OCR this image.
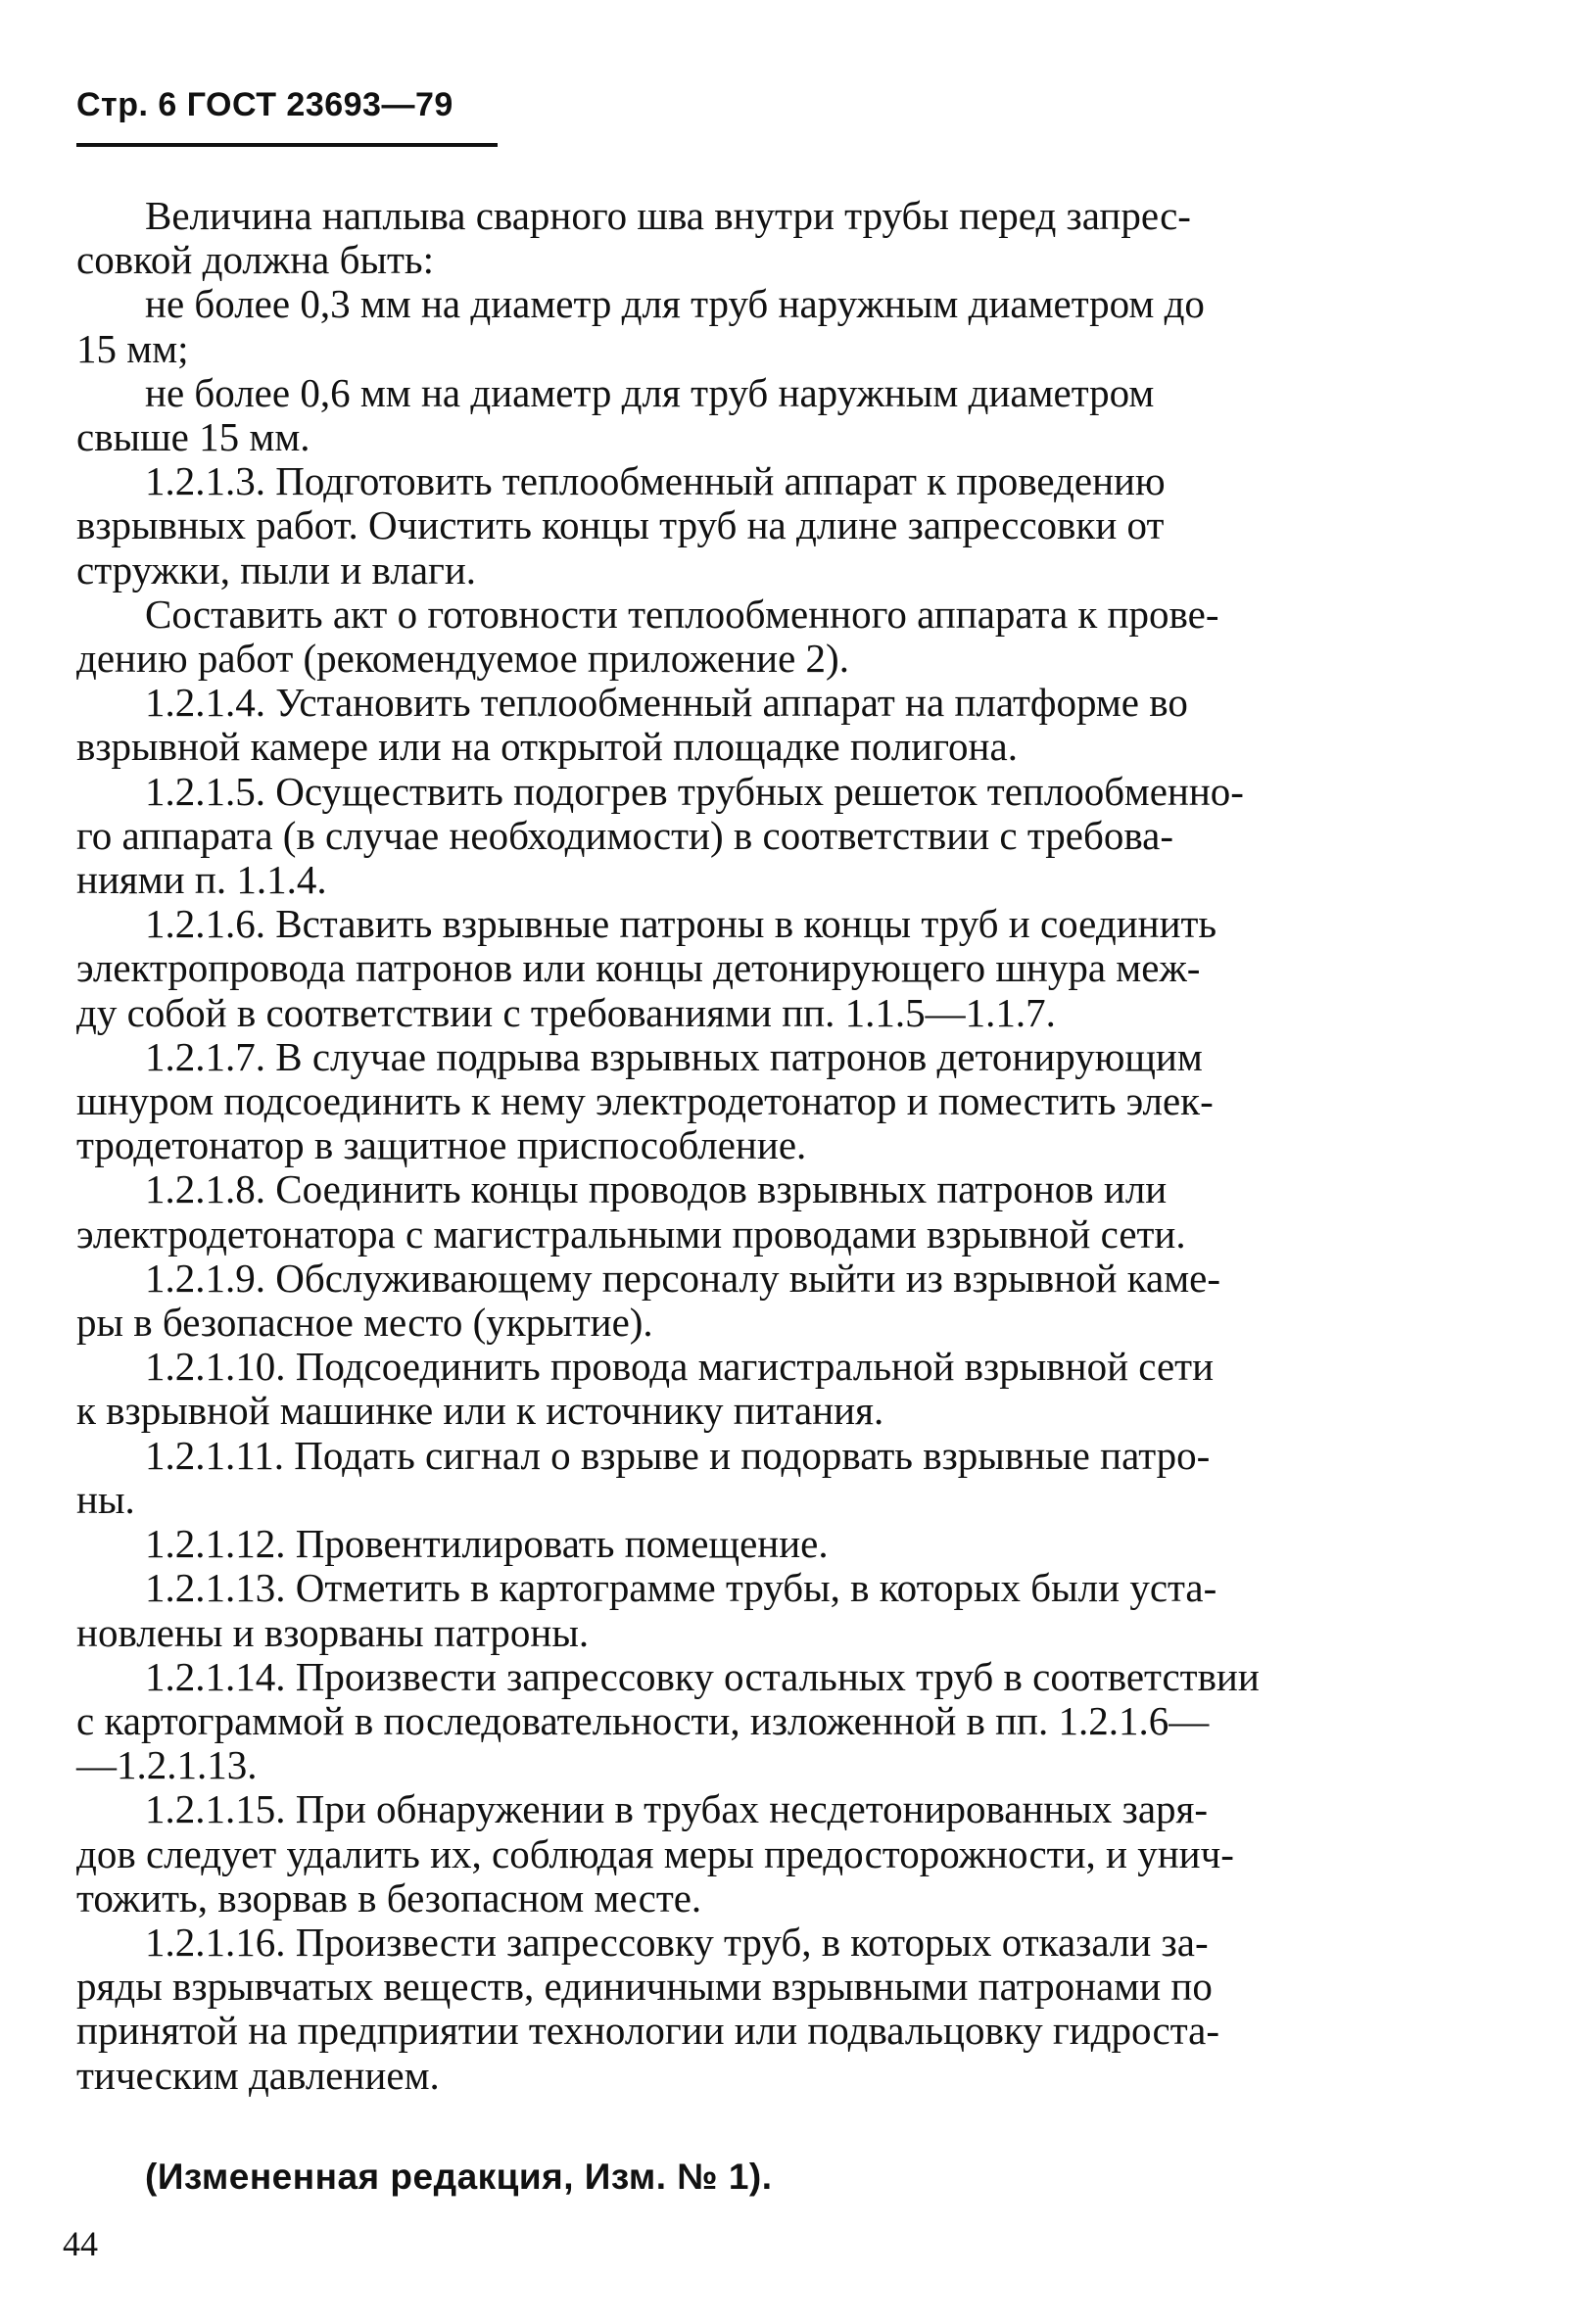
Стр. 6 ГОСТ 23693—79

Величина наплыва сварного шва внутри трубы перед запрес-
совкой должна быть:

не более 0,3 мм на диаметр для труб наружным диаметром до
15 мм;

не более 0,6 мм на диаметр для труб наружным диаметром
свыше 15 мм.

1.2.1.3. Подготовить теплообменный аппарат к проведению
взрывных работ. Очистить концы труб на длине запрессовки от
стружки, пыли и влаги.

Составить акт о готовности теплообменного аппарата к прове-
дению работ (рекомендуемое приложение 2).

1.2.1.4. Установить теплообменный аппарат на платформе во
взрывной камере или на открытой площадке полигона.

1.2.1.5. Осуществить подогрев трубных решеток теплообменно-
го аппарата (в случае необходимости) в соответствии с требова-
ниями п. 1.1.4.

1.2.1.6. Вставить взрывные патроны в концы труб и соединить
электропровода патронов или концы детонирующего шнура меж-
ду собой в соответствии с требованиями пп. 1.1.5—1.1.7.

1.2.1.7. В случае подрыва взрывных патронов детонирующим
шнуром подсоединить к нему электродетонатор и поместить элек-
тродетонатор в защитное приспособление.

1.2.1.8. Соединить концы проводов взрывных патронов или
электродетонатора с магистральными проводами взрывной сети.

1.2.1.9. Обслуживающему персоналу выйти из взрывной каме-
ры в безопасное место (укрытие).

1.2.1.10. Подсоединить провода магистральной взрывной сети
к взрывной машинке или к источнику питания.

1.2.1.11. Подать сигнал о взрыве и подорвать взрывные патро-
ны.

1.2.1.12. Провентилировать помещение.

1.2.1.13. Отметить в картограмме трубы, в которых были уста-
новлены и взорваны патроны.

1.2.1.14. Произвести запрессовку остальных труб в соответствии
с картограммой в последовательности, изложенной в пп. 1.2.1.6—
—1.2.1.13.

1.2.1.15. При обнаружении в трубах несдетонированных заря-
дов следует удалить их, соблюдая меры предосторожности, и унич-
тожить, взорвав в безопасном месте.

1.2.1.16. Произвести запрессовку труб, в которых отказали за-
ряды взрывчатых веществ, единичными взрывными патронами по
принятой на предприятии технологии или подвальцовку гидроста-
тическим давлением.

(Измененная редакция, Изм. № 1).
44
